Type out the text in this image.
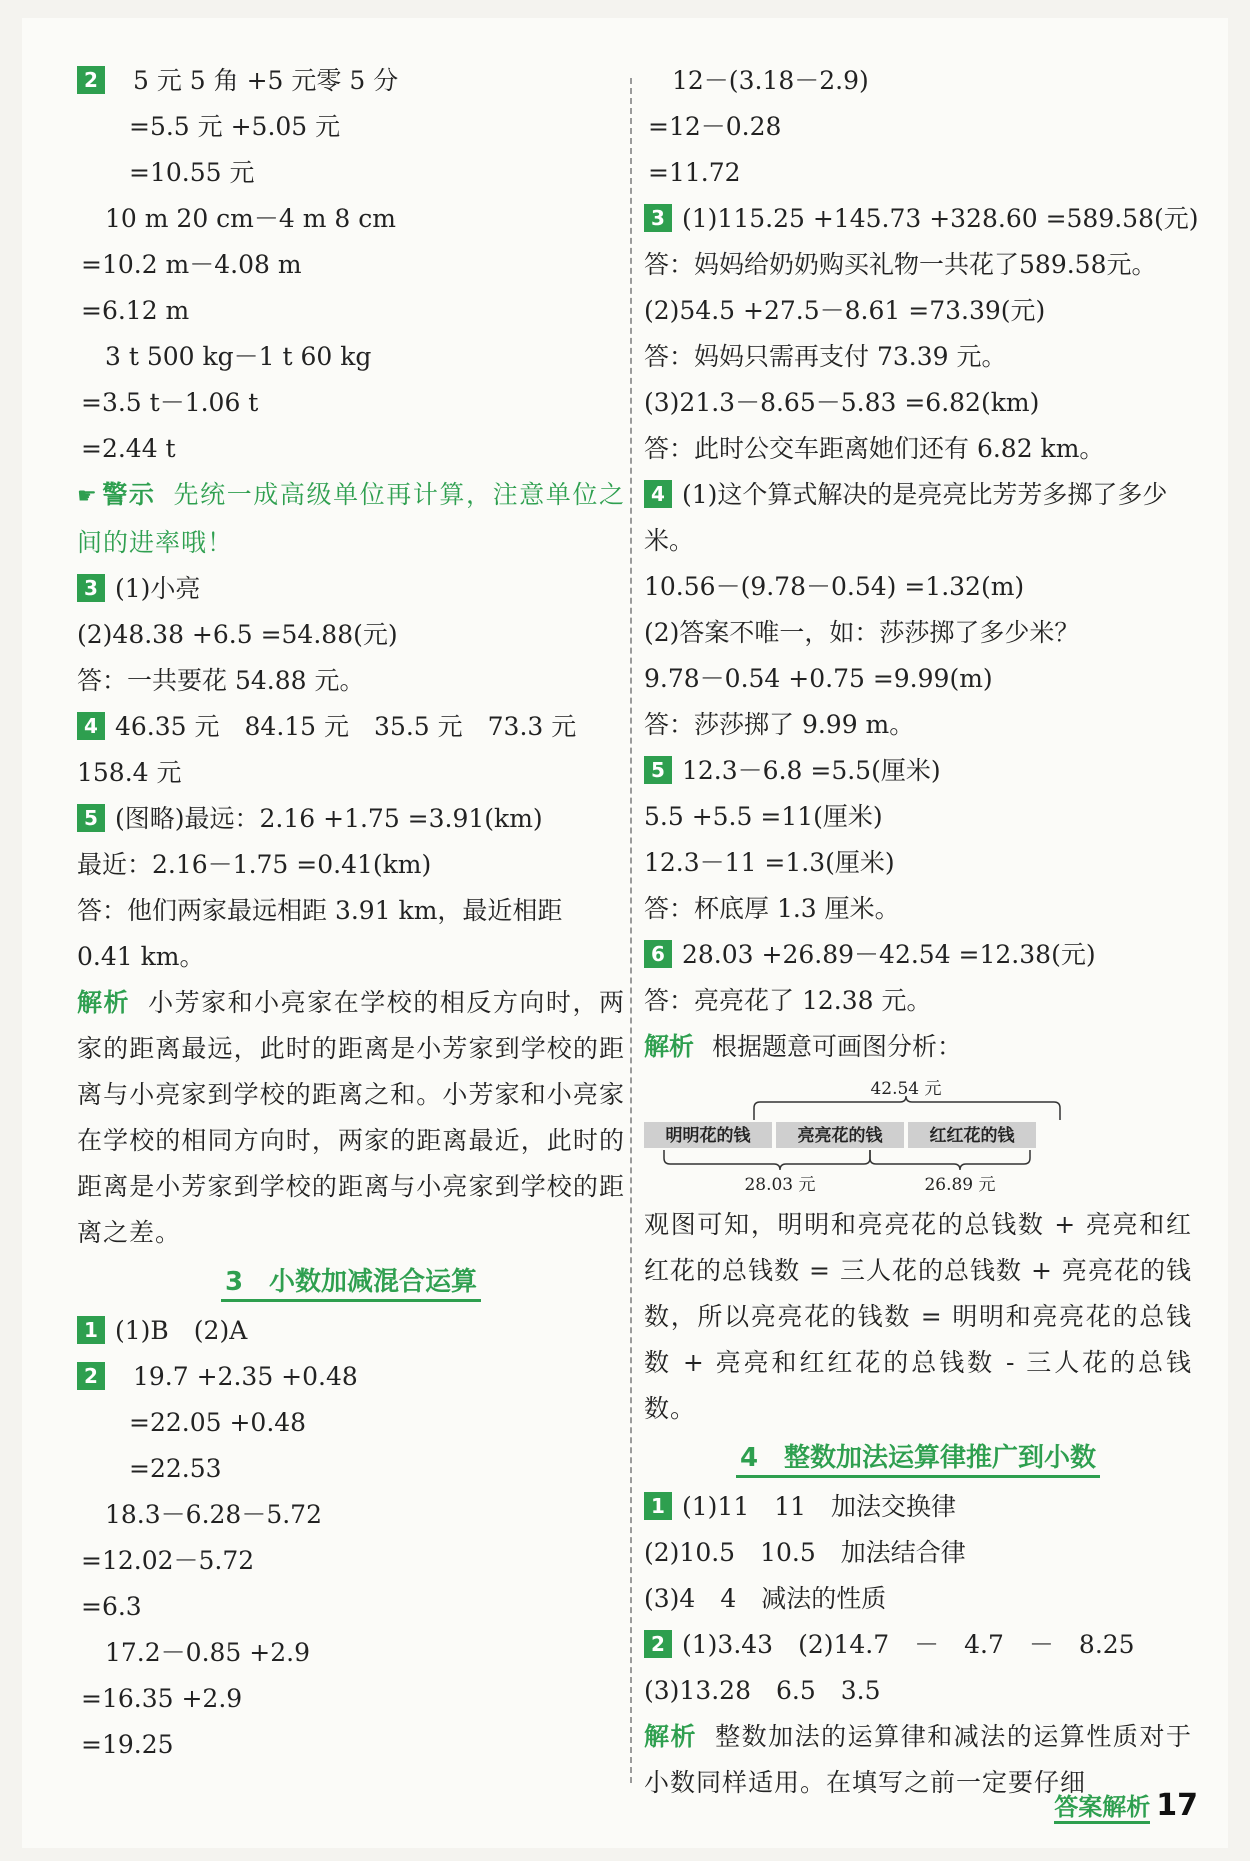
2 5 元 5 角 +5 元零 5 分
=5.5 元 +5.05 元
=10.55 元
10 m 20 cm－4 m 8 cm
=10.2 m－4.08 m
=6.12 m
3 t 500 kg－1 t 60 kg
=3.5 t－1.06 t
=2.44 t
☛ 警示 先统一成高级单位再计算，注意单位之间的进率哦！
3 (1)小亮
(2)48.38 +6.5 =54.88(元)
答：一共要花 54.88 元。
4 46.35 元　84.15 元　35.5 元　73.3 元
158.4 元
5 (图略)最远：2.16 +1.75 =3.91(km)
最近：2.16－1.75 =0.41(km)
答：他们两家最远相距 3.91 km，最近相距
0.41 km。
解析 小芳家和小亮家在学校的相反方向时，两家的距离最远，此时的距离是小芳家到学校的距离与小亮家到学校的距离之和。小芳家和小亮家在学校的相同方向时，两家的距离最近，此时的距离是小芳家到学校的距离与小亮家到学校的距离之差。
3　小数加减混合运算
1 (1)B　(2)A
2 19.7 +2.35 +0.48
=22.05 +0.48
=22.53
18.3－6.28－5.72
=12.02－5.72
=6.3
17.2－0.85 +2.9
=16.35 +2.9
=19.25
12－(3.18－2.9)
=12－0.28
=11.72
3 (1)115.25 +145.73 +328.60 =589.58(元)
答：妈妈给奶奶购买礼物一共花了589.58元。
(2)54.5 +27.5－8.61 =73.39(元)
答：妈妈只需再支付 73.39 元。
(3)21.3－8.65－5.83 =6.82(km)
答：此时公交车距离她们还有 6.82 km。
4 (1)这个算式解决的是亮亮比芳芳多掷了多少米。
10.56－(9.78－0.54) =1.32(m)
(2)答案不唯一，如：莎莎掷了多少米？
9.78－0.54 +0.75 =9.99(m)
答：莎莎掷了 9.99 m。
5 12.3－6.8 =5.5(厘米)
5.5 +5.5 =11(厘米)
12.3－11 =1.3(厘米)
答：杯底厚 1.3 厘米。
6 28.03 +26.89－42.54 =12.38(元)
答：亮亮花了 12.38 元。
解析 根据题意可画图分析：
42.54 元
明明花的钱	亮亮花的钱	红红花的钱
28.03 元	26.89 元
观图可知，明明和亮亮花的总钱数 + 亮亮和红红花的总钱数 = 三人花的总钱数 + 亮亮花的钱数，所以亮亮花的钱数 = 明明和亮亮花的总钱数 + 亮亮和红红花的总钱数 - 三人花的总钱数。
4　整数加法运算律推广到小数
1 (1)11　11　加法交换律
(2)10.5　10.5　加法结合律
(3)4　4　减法的性质
2 (1)3.43　(2)14.7　－　4.7　－　8.25
(3)13.28　6.5　3.5
解析 整数加法的运算律和减法的运算性质对于小数同样适用。在填写之前一定要仔细
答案解析 17
